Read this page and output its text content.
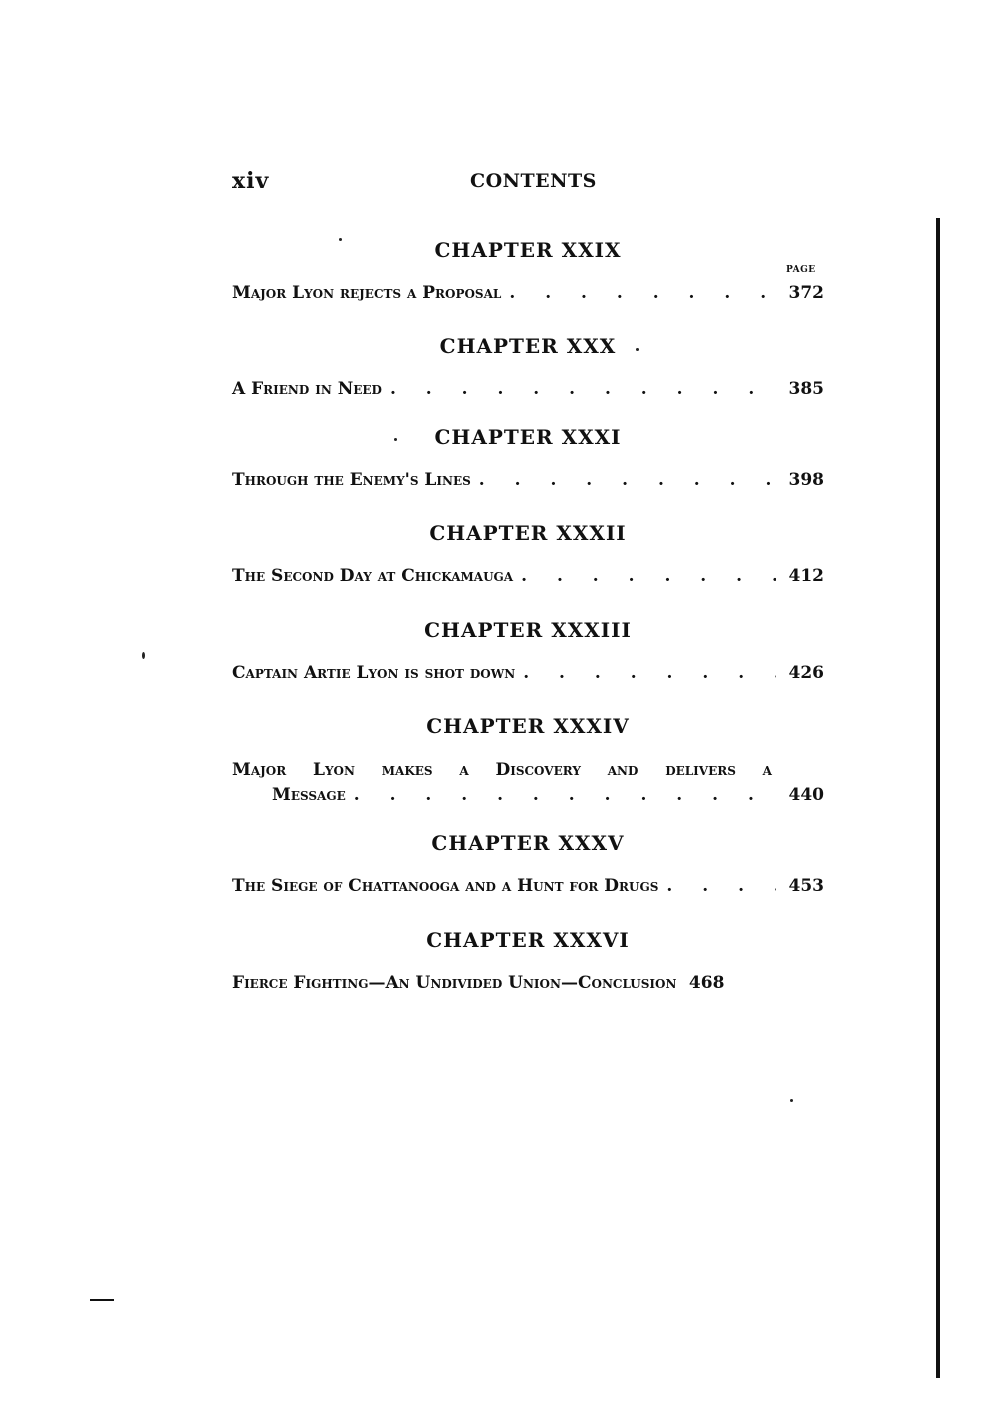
xiv	CONTENTS
CHAPTER XXIX
PAGE
Major Lyon rejects a Proposal . . .	372
CHAPTER XXX
A Friend in Need . . .	385
CHAPTER XXXI
Through the Enemy's Lines . . .	398
CHAPTER XXXII
The Second Day at Chickamauga . . .	412
CHAPTER XXXIII
Captain Artie Lyon is shot down . . .	426
CHAPTER XXXIV
Major Lyon makes a Discovery and delivers a
Message . . .	440
CHAPTER XXXV
The Siege of Chattanooga and a Hunt for Drugs . . .	453
CHAPTER XXXVI
Fierce Fighting—An Undivided Union—Conclusion 468
